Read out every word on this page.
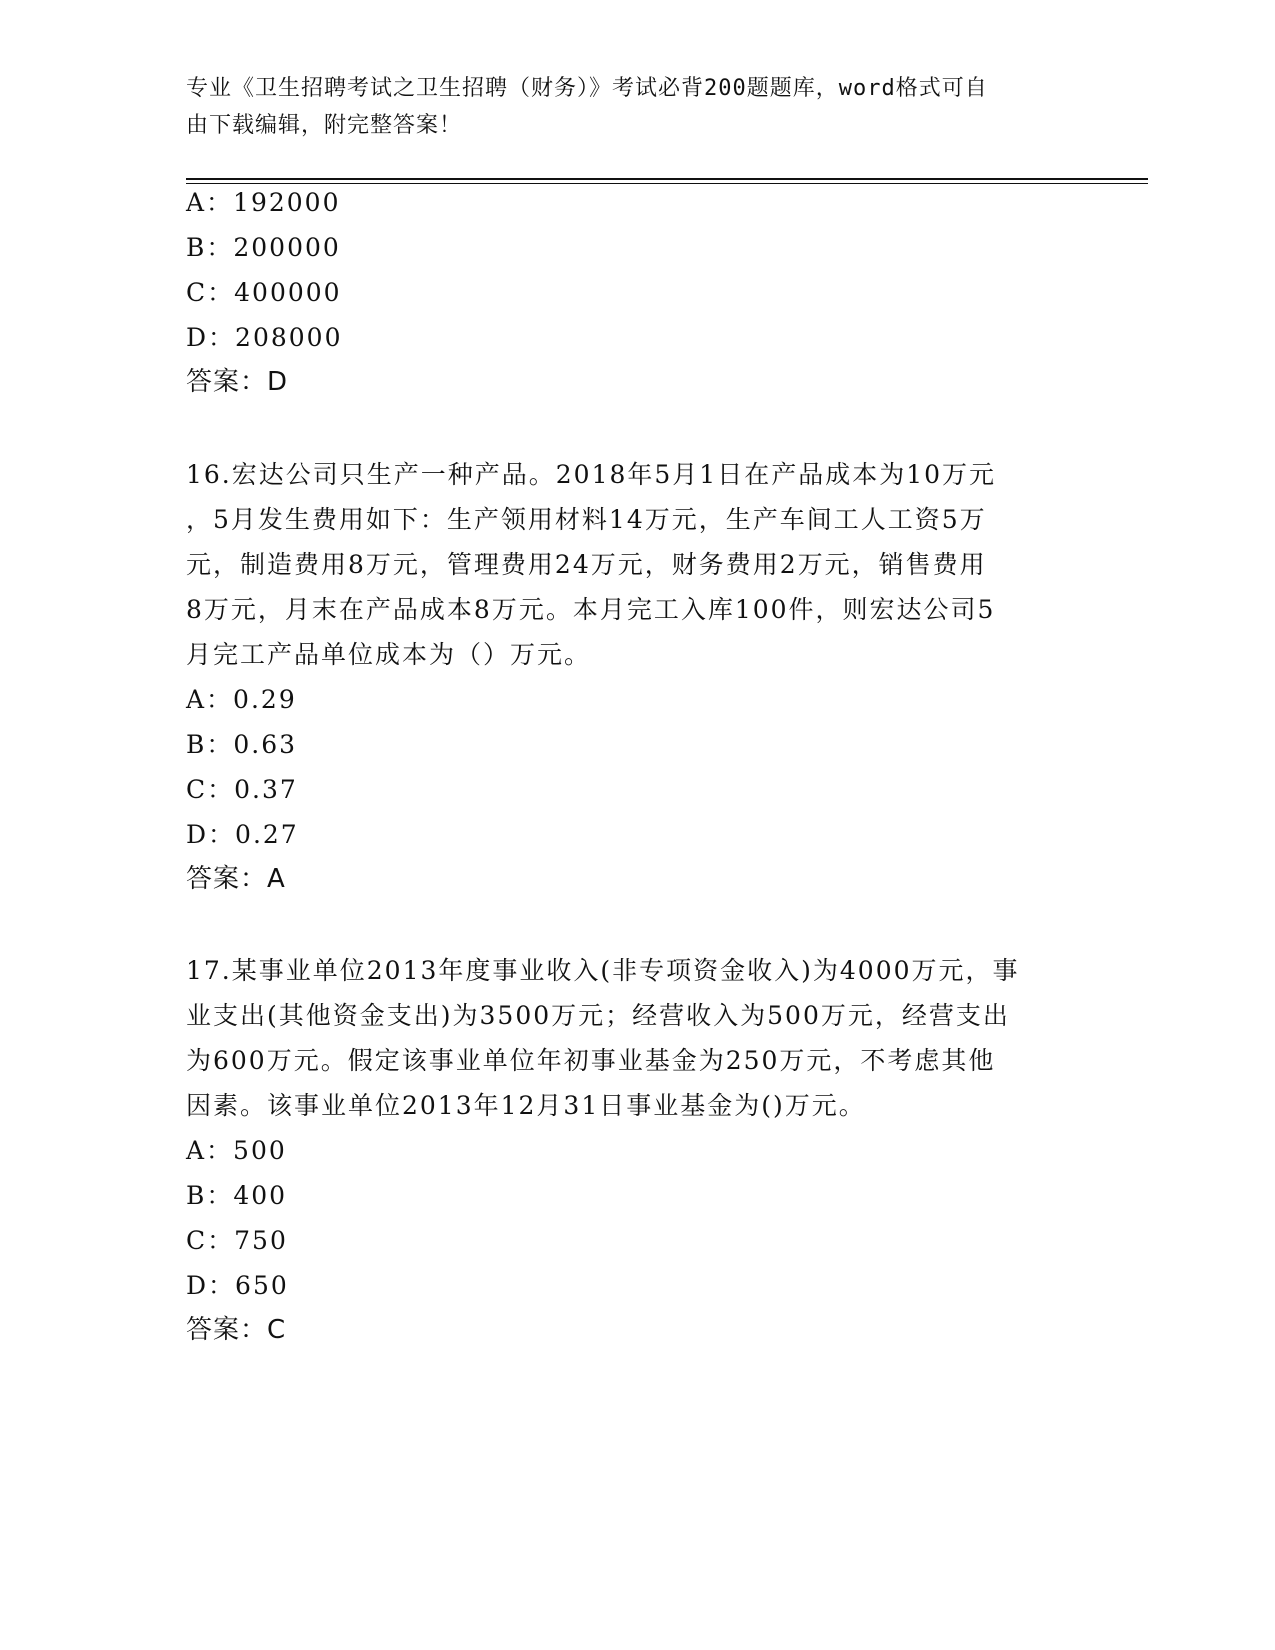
专业《卫生招聘考试之卫生招聘（财务）》考试必背200题题库，word格式可自
由下载编辑，附完整答案！
A：192000
B：200000
C：400000
D：208000
答案：D
16.宏达公司只生产一种产品。2018年5月1日在产品成本为10万元
，5月发生费用如下：生产领用材料14万元，生产车间工人工资5万
元，制造费用8万元，管理费用24万元，财务费用2万元，销售费用
8万元，月末在产品成本8万元。本月完工入库100件，则宏达公司5
月完工产品单位成本为（）万元。
A：0.29
B：0.63
C：0.37
D：0.27
答案：A
17.某事业单位2013年度事业收入(非专项资金收入)为4000万元，事
业支出(其他资金支出)为3500万元；经营收入为500万元，经营支出
为600万元。假定该事业单位年初事业基金为250万元，不考虑其他
因素。该事业单位2013年12月31日事业基金为()万元。
A：500
B：400
C：750
D：650
答案：C
